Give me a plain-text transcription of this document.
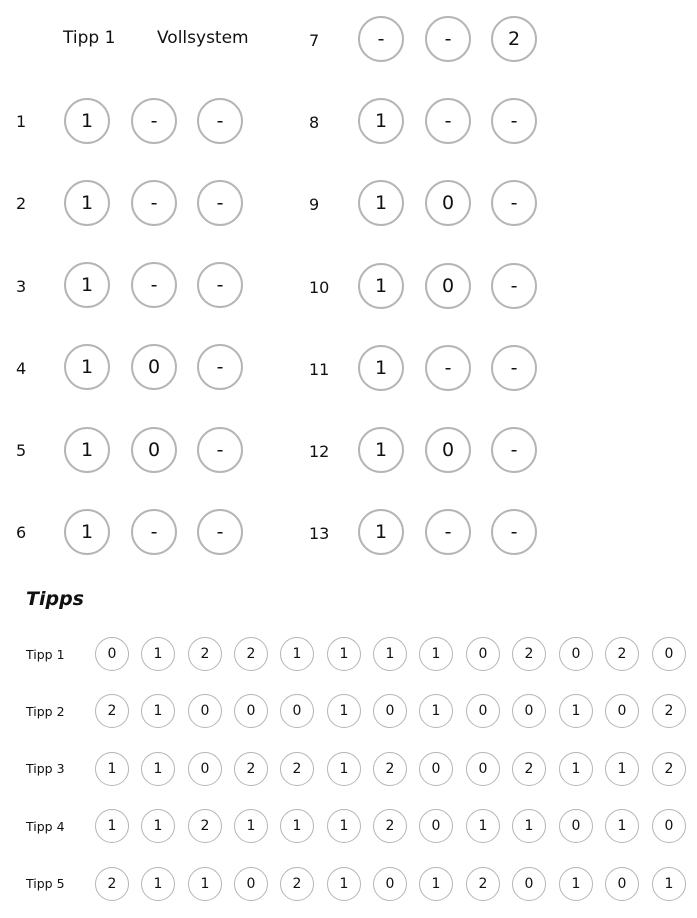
Tipp 1 Vollsystem
1	1	-	-
2	1	-	-
3	1	-	-
4	1	0	-
5	1	0	-
6	1	-	-
7	-	-	2
8	1	-	-
9	1	0	-
10	1	0	-
11	1	-	-
12	1	0	-
13	1	-	-
Tipps
Tipp 1	0	1	2	2	1	1	1	1	0	2	0	2	0
Tipp 2	2	1	0	0	0	1	0	1	0	0	1	0	2
Tipp 3	1	1	0	2	2	1	2	0	0	2	1	1	2
Tipp 4	1	1	2	1	1	1	2	0	1	1	0	1	0
Tipp 5	2	1	1	0	2	1	0	1	2	0	1	0	1
